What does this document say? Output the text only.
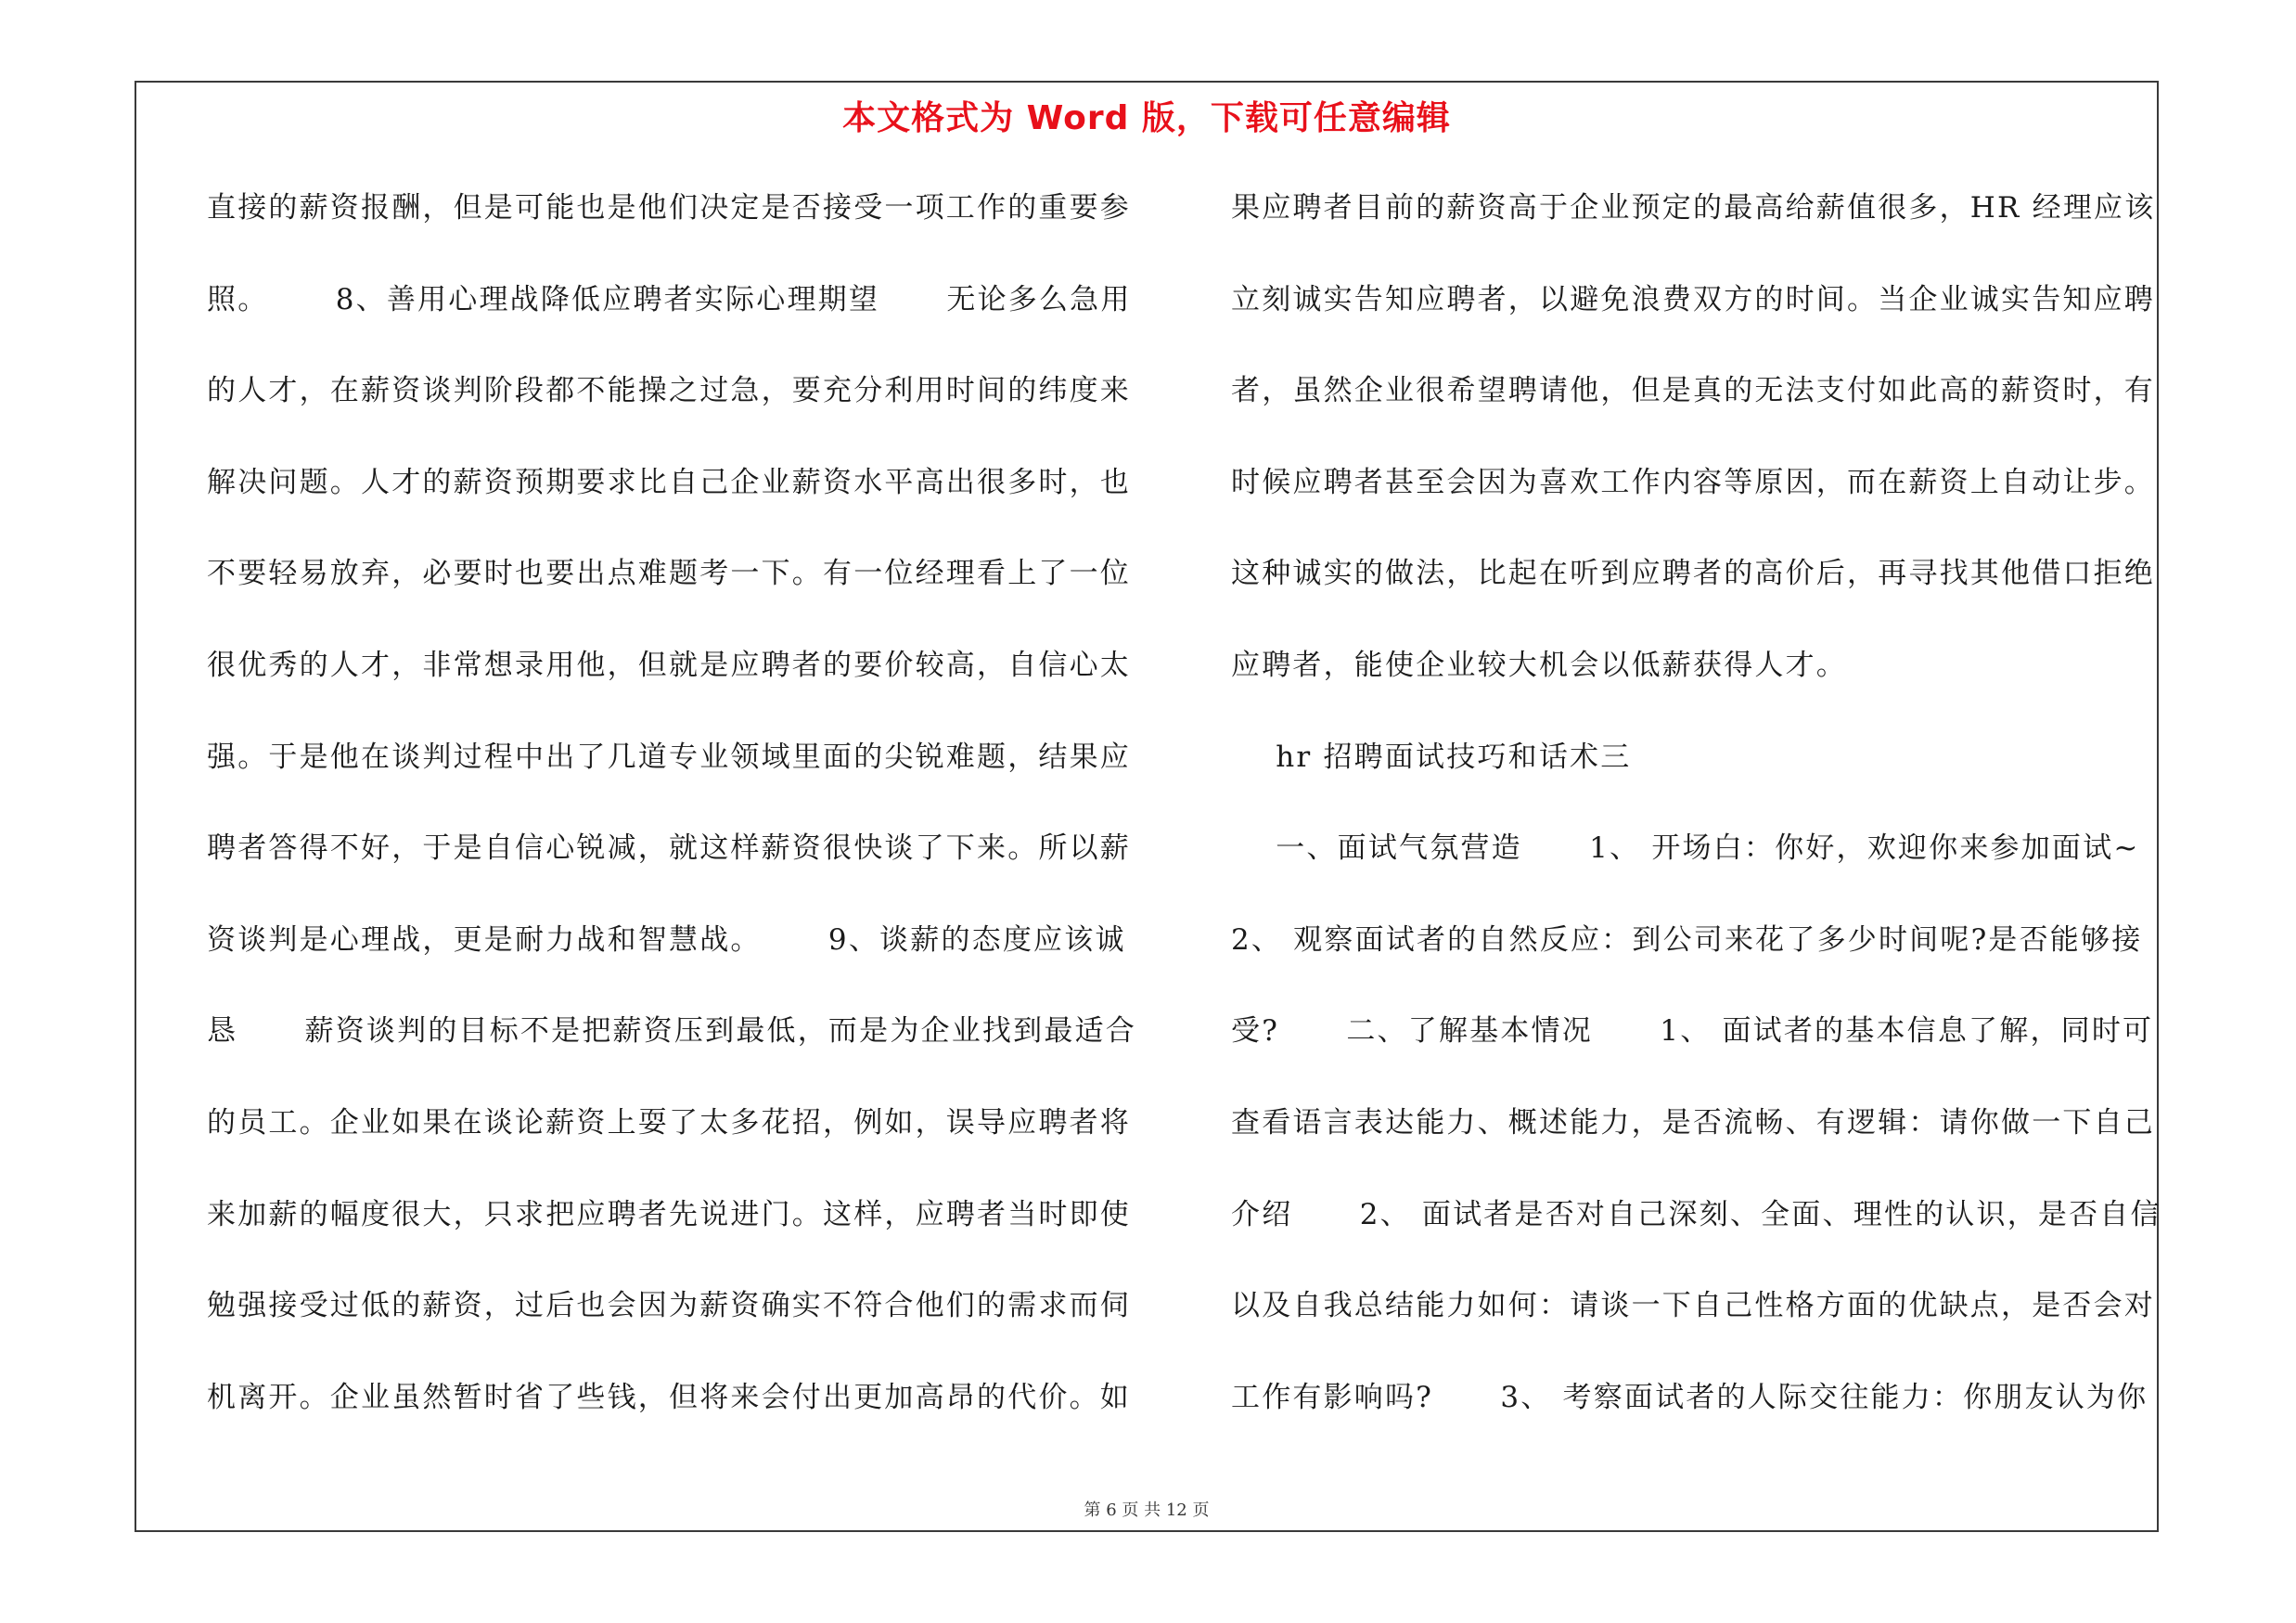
本文格式为 Word 版，下载可任意编辑
直接的薪资报酬，但是可能也是他们决定是否接受一项工作的重要参
照。      8、善用心理战降低应聘者实际心理期望      无论多么急用
的人才，在薪资谈判阶段都不能操之过急，要充分利用时间的纬度来
解决问题。人才的薪资预期要求比自己企业薪资水平高出很多时，也
不要轻易放弃，必要时也要出点难题考一下。有一位经理看上了一位
很优秀的人才，非常想录用他，但就是应聘者的要价较高，自信心太
强。于是他在谈判过程中出了几道专业领域里面的尖锐难题，结果应
聘者答得不好，于是自信心锐减，就这样薪资很快谈了下来。所以薪
资谈判是心理战，更是耐力战和智慧战。      9、谈薪的态度应该诚
恳      薪资谈判的目标不是把薪资压到最低，而是为企业找到最适合
的员工。企业如果在谈论薪资上耍了太多花招，例如，误导应聘者将
来加薪的幅度很大，只求把应聘者先说进门。这样，应聘者当时即使
勉强接受过低的薪资，过后也会因为薪资确实不符合他们的需求而伺
机离开。企业虽然暂时省了些钱，但将来会付出更加高昂的代价。如
果应聘者目前的薪资高于企业预定的最高给薪值很多，HR 经理应该
立刻诚实告知应聘者，以避免浪费双方的时间。当企业诚实告知应聘
者，虽然企业很希望聘请他，但是真的无法支付如此高的薪资时，有
时候应聘者甚至会因为喜欢工作内容等原因，而在薪资上自动让步。
这种诚实的做法，比起在听到应聘者的高价后，再寻找其他借口拒绝
应聘者，能使企业较大机会以低薪获得人才。
hr 招聘面试技巧和话术三
一、面试气氛营造      1、 开场白：你好，欢迎你来参加面试~
2、 观察面试者的自然反应：到公司来花了多少时间呢?是否能够接
受?      二、了解基本情况      1、 面试者的基本信息了解，同时可
查看语言表达能力、概述能力，是否流畅、有逻辑：请你做一下自己
介绍      2、 面试者是否对自己深刻、全面、理性的认识，是否自信
以及自我总结能力如何：请谈一下自己性格方面的优缺点，是否会对
工作有影响吗?      3、 考察面试者的人际交往能力：你朋友认为你
第 6 页 共 12 页
